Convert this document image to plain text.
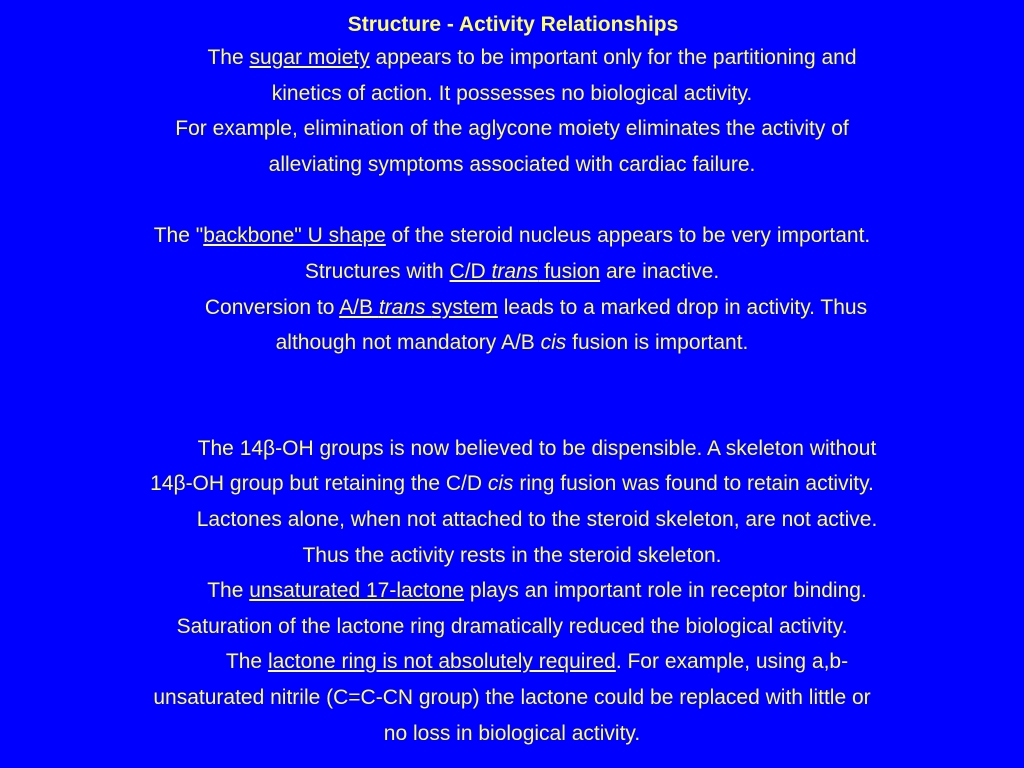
Structure - Activity Relationships
The sugar moiety appears to be important only for the partitioning and
kinetics of action. It possesses no biological activity.
For example, elimination of the aglycone moiety eliminates the activity of
alleviating symptoms associated with cardiac failure.
The "backbone" U shape of the steroid nucleus appears to be very important.
Structures with C/D trans fusion are inactive.
Conversion to A/B trans system leads to a marked drop in activity. Thus
although not mandatory A/B cis fusion is important.
The 14β-OH groups is now believed to be dispensible. A skeleton without
14β-OH group but retaining the C/D cis ring fusion was found to retain activity.
Lactones alone, when not attached to the steroid skeleton, are not active.
Thus the activity rests in the steroid skeleton.
The unsaturated 17-lactone plays an important role in receptor binding.
Saturation of the lactone ring dramatically reduced the biological activity.
The lactone ring is not absolutely required. For example, using a,b-
unsaturated nitrile (C=C-CN group) the lactone could be replaced with little or
no loss in biological activity.
